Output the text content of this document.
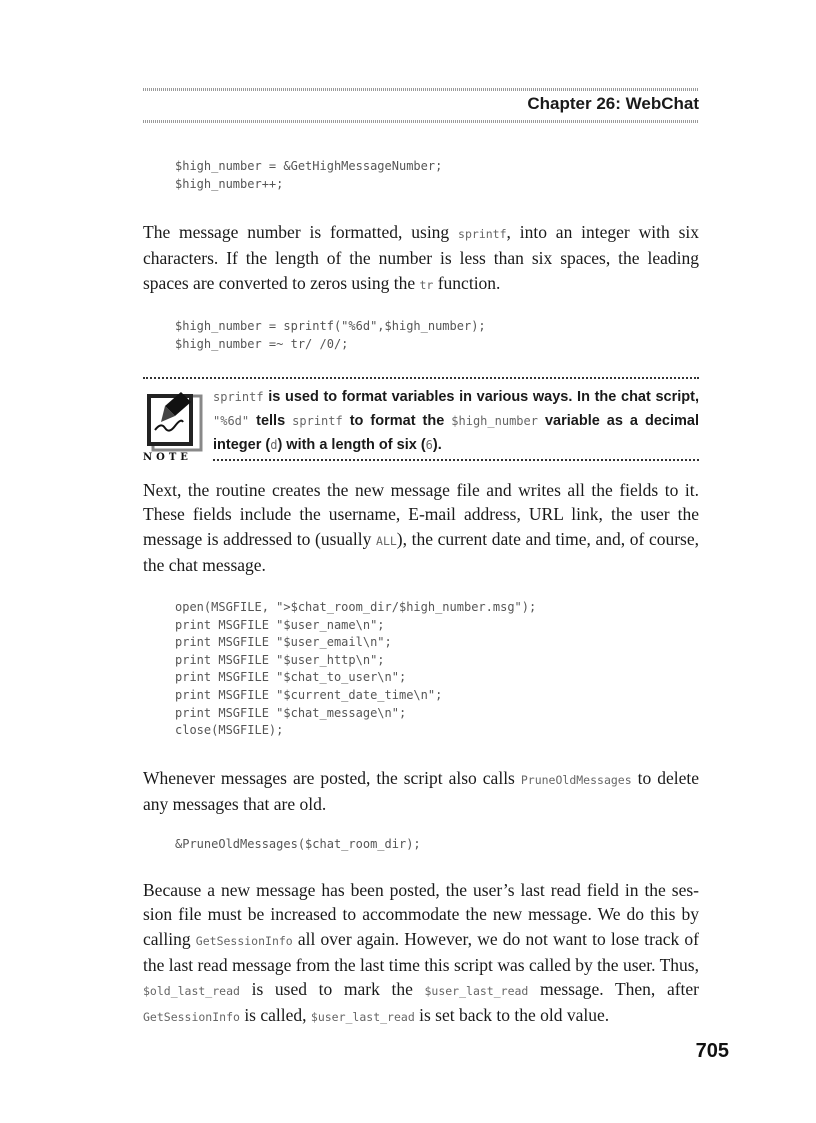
Chapter 26: WebChat
$high_number = &GetHighMessageNumber;
$high_number++;

The message number is formatted, using sprintf, into an integer with six characters. If the length of the number is less than six spaces, the leading spaces are converted to zeros using the tr function.

$high_number = sprintf("%6d",$high_number);
$high_number =~ tr/ /0/;
NOTE

sprintf is used to format variables in various ways. In the chat script, "%6d" tells sprintf to format the $high_number variable as a decimal integer (d) with a length of six (6).

Next, the routine creates the new message file and writes all the fields to it. These fields include the username, E-mail address, URL link, the user the message is addressed to (usually ALL), the current date and time, and, of course, the chat message.

open(MSGFILE, ">$chat_room_dir/$high_number.msg");
print MSGFILE "$user_name\n";
print MSGFILE "$user_email\n";
print MSGFILE "$user_http\n";
print MSGFILE "$chat_to_user\n";
print MSGFILE "$current_date_time\n";
print MSGFILE "$chat_message\n";
close(MSGFILE);

Whenever messages are posted, the script also calls PruneOldMessages to delete any messages that are old.

&PruneOldMessages($chat_room_dir);

Because a new message has been posted, the user’s last read field in the ses-sion file must be increased to accommodate the new message. We do this by calling GetSessionInfo all over again. However, we do not want to lose track of the last read message from the last time this script was called by the user. Thus, $old_last_read is used to mark the $user_last_read message. Then, after GetSessionInfo is called, $user_last_read is set back to the old value.

705
